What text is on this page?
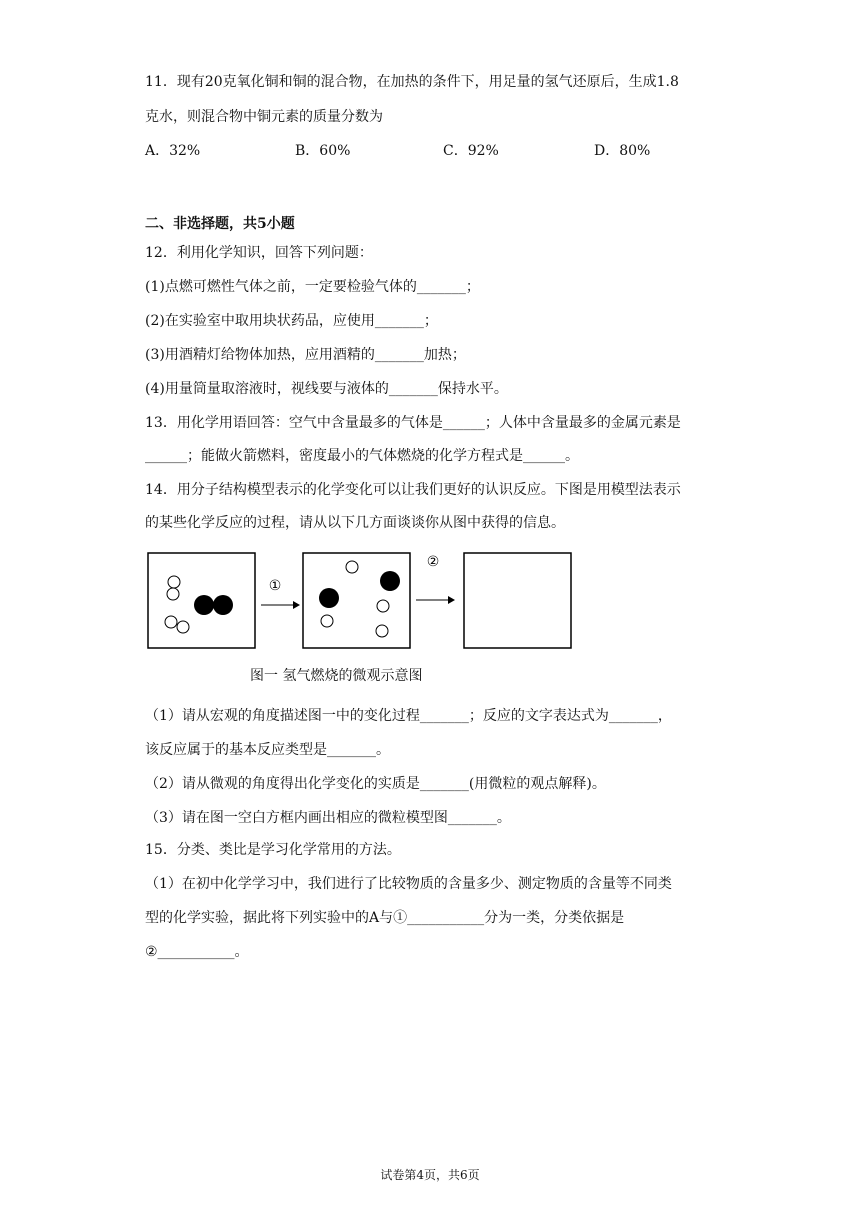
11．现有20克氧化铜和铜的混合物，在加热的条件下，用足量的氢气还原后，生成1.8
克水，则混合物中铜元素的质量分数为
A．32%	B．60%	C．92%	D．80%
二、非选择题，共5小题
12．利用化学知识，回答下列问题：
(1)点燃可燃性气体之前，一定要检验气体的_______；
(2)在实验室中取用块状药品，应使用_______；
(3)用酒精灯给物体加热，应用酒精的_______加热；
(4)用量筒量取溶液时，视线要与液体的_______保持水平。
13．用化学用语回答：空气中含量最多的气体是______；人体中含量最多的金属元素是
______；能做火箭燃料，密度最小的气体燃烧的化学方程式是______。
14．用分子结构模型表示的化学变化可以让我们更好的认识反应。下图是用模型法表示
的某些化学反应的过程，请从以下几方面谈谈你从图中获得的信息。
①
②
图一 氢气燃烧的微观示意图
（1）请从宏观的角度描述图一中的变化过程_______；反应的文字表达式为_______，
该反应属于的基本反应类型是_______。
（2）请从微观的角度得出化学变化的实质是_______(用微粒的观点解释)。
（3）请在图一空白方框内画出相应的微粒模型图_______。
15．分类、类比是学习化学常用的方法。
（1）在初中化学学习中，我们进行了比较物质的含量多少、测定物质的含量等不同类
型的化学实验，据此将下列实验中的A与①___________分为一类，分类依据是
②___________。
试卷第4页，共6页
